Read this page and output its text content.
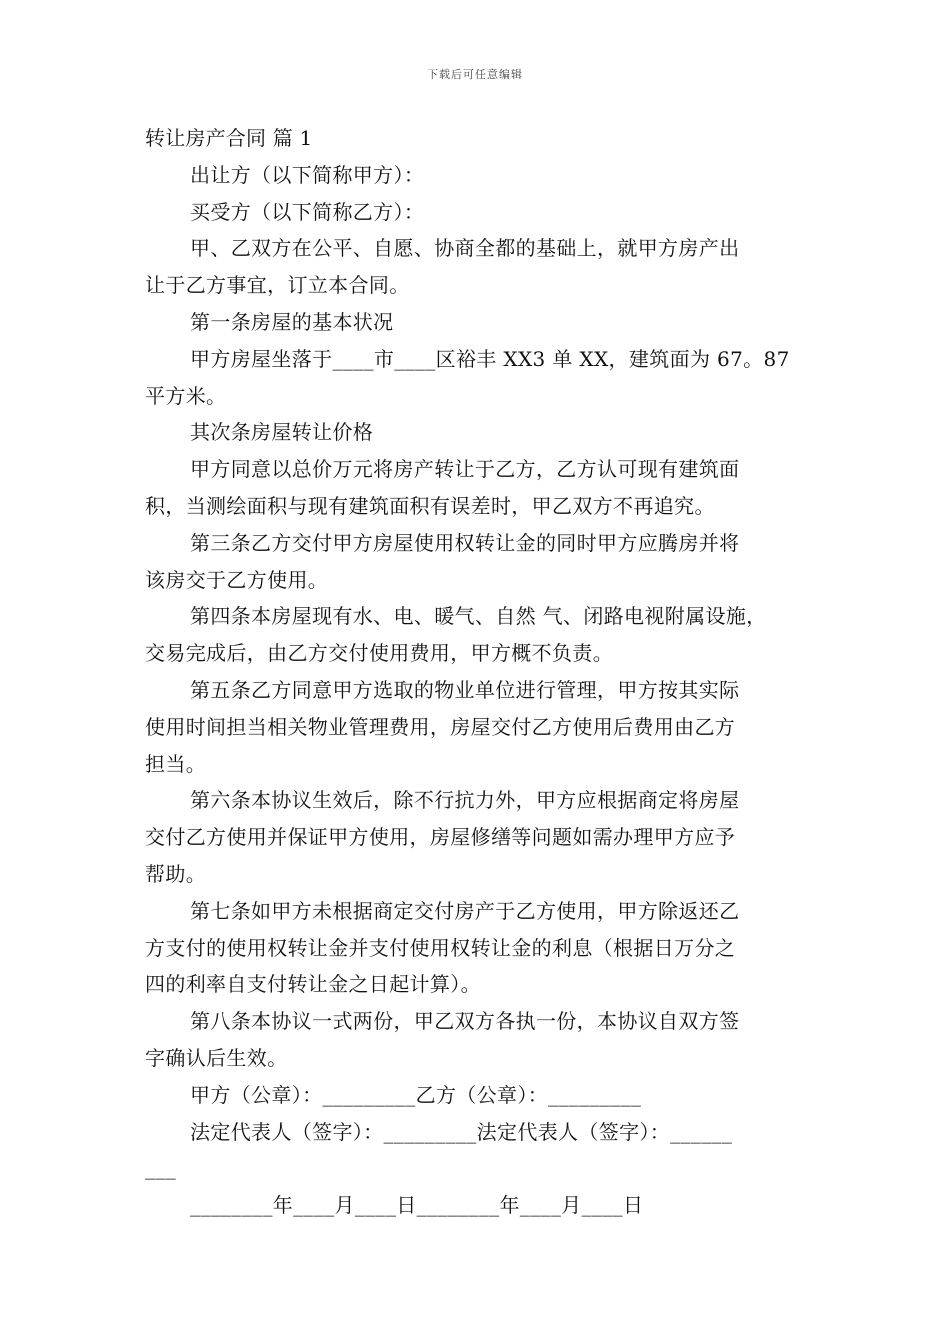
下载后可任意编辑
转让房产合同 篇 1
出让方（以下简称甲方）：
买受方（以下简称乙方）：
甲、乙双方在公平、自愿、协商全都的基础上，就甲方房产出
让于乙方事宜，订立本合同。
第一条房屋的基本状况
甲方房屋坐落于____市____区裕丰 XX3 单 XX，建筑面为 67。87
平方米。
其次条房屋转让价格
甲方同意以总价万元将房产转让于乙方，乙方认可现有建筑面
积，当测绘面积与现有建筑面积有误差时，甲乙双方不再追究。
第三条乙方交付甲方房屋使用权转让金的同时甲方应腾房并将
该房交于乙方使用。
第四条本房屋现有水、电、暖气、自然 气、闭路电视附属设施，
交易完成后，由乙方交付使用费用，甲方概不负责。
第五条乙方同意甲方选取的物业单位进行管理，甲方按其实际
使用时间担当相关物业管理费用，房屋交付乙方使用后费用由乙方
担当。
第六条本协议生效后，除不行抗力外，甲方应根据商定将房屋
交付乙方使用并保证甲方使用，房屋修缮等问题如需办理甲方应予
帮助。
第七条如甲方未根据商定交付房产于乙方使用，甲方除返还乙
方支付的使用权转让金并支付使用权转让金的利息（根据日万分之
四的利率自支付转让金之日起计算）。
第八条本协议一式两份，甲乙双方各执一份，本协议自双方签
字确认后生效。
甲方（公章）：_________乙方（公章）：_________
法定代表人（签字）：_________法定代表人（签字）：______
___
________年____月____日________年____月____日
